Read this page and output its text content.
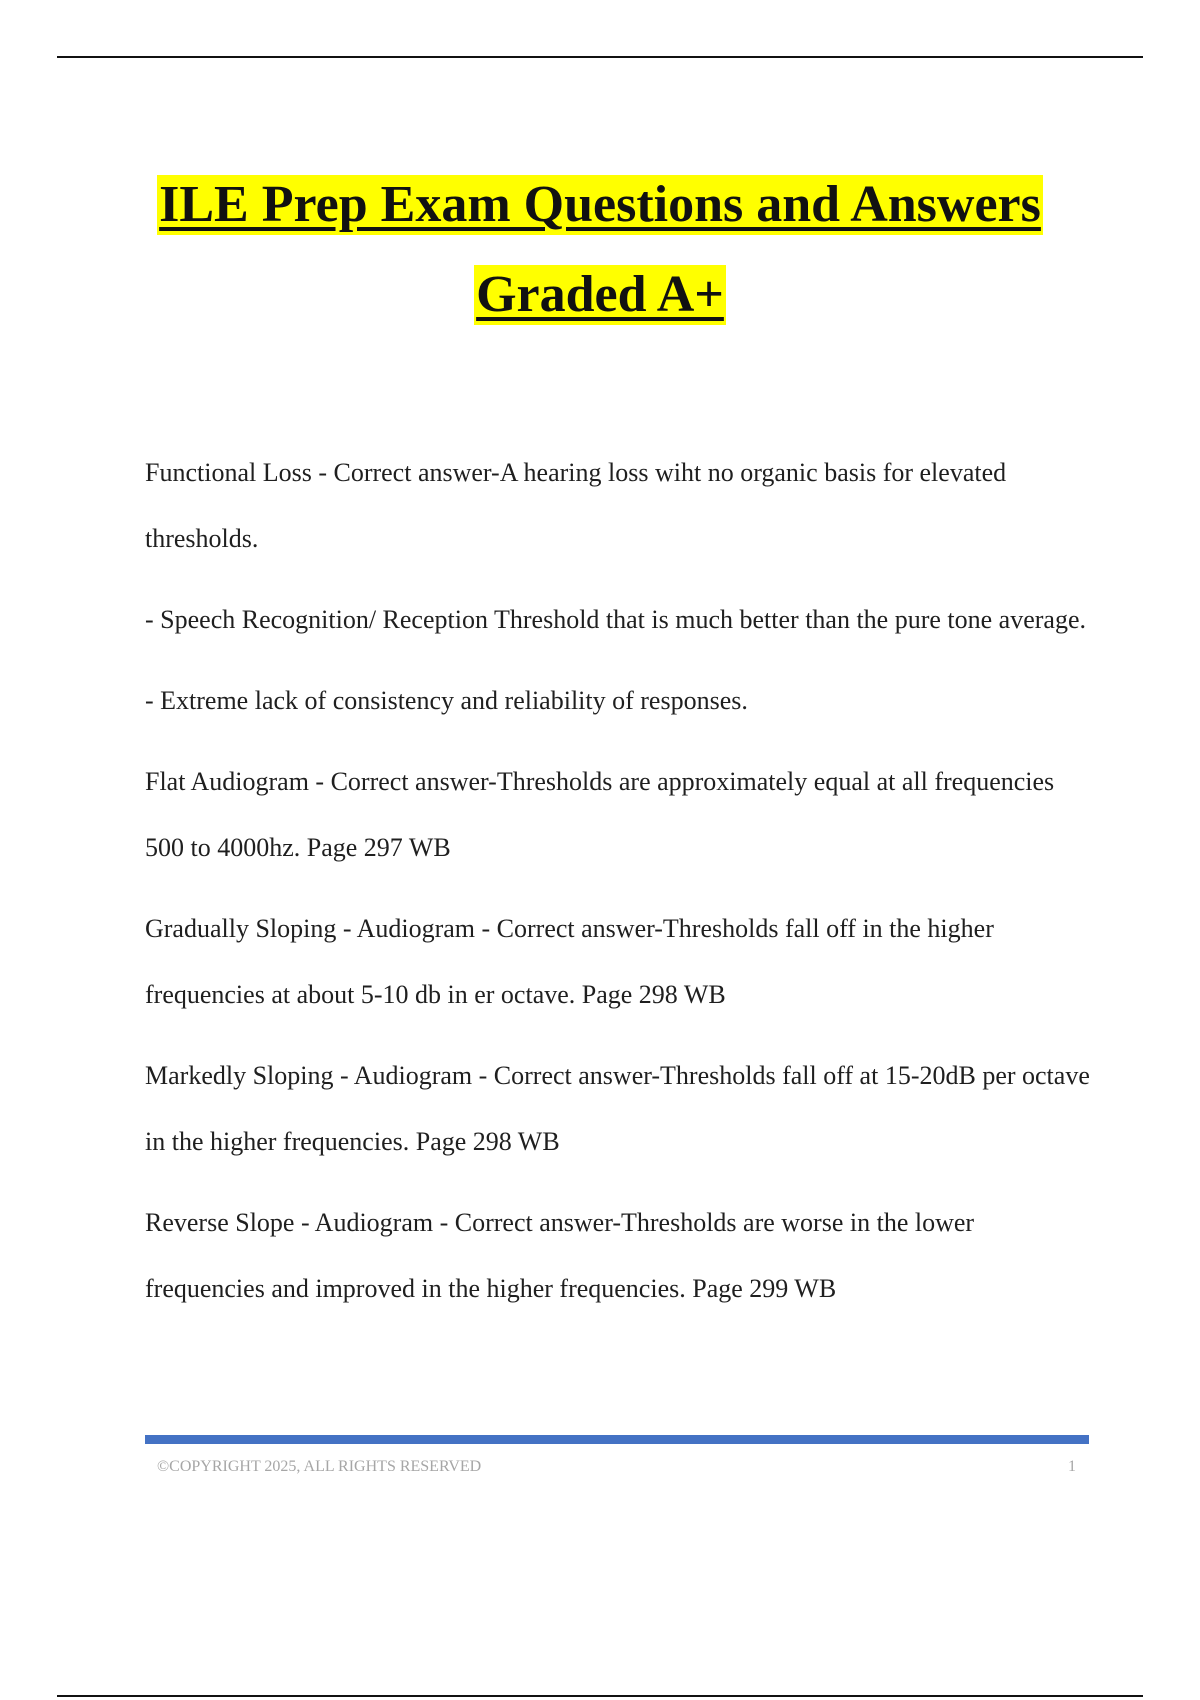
ILE Prep Exam Questions and Answers
Graded A+

Functional Loss - Correct answer-A hearing loss wiht no organic basis for elevated thresholds.

- Speech Recognition/ Reception Threshold that is much better than the pure tone average.

- Extreme lack of consistency and reliability of responses.

Flat Audiogram - Correct answer-Thresholds are approximately equal at all frequencies 500 to 4000hz. Page 297 WB

Gradually Sloping - Audiogram - Correct answer-Thresholds fall off in the higher frequencies at about 5-10 db in er octave. Page 298 WB

Markedly Sloping - Audiogram - Correct answer-Thresholds fall off at 15-20dB per octave in the higher frequencies. Page 298 WB

Reverse Slope - Audiogram - Correct answer-Thresholds are worse in the lower frequencies and improved in the higher frequencies. Page 299 WB

©COPYRIGHT 2025, ALL RIGHTS RESERVED	1
